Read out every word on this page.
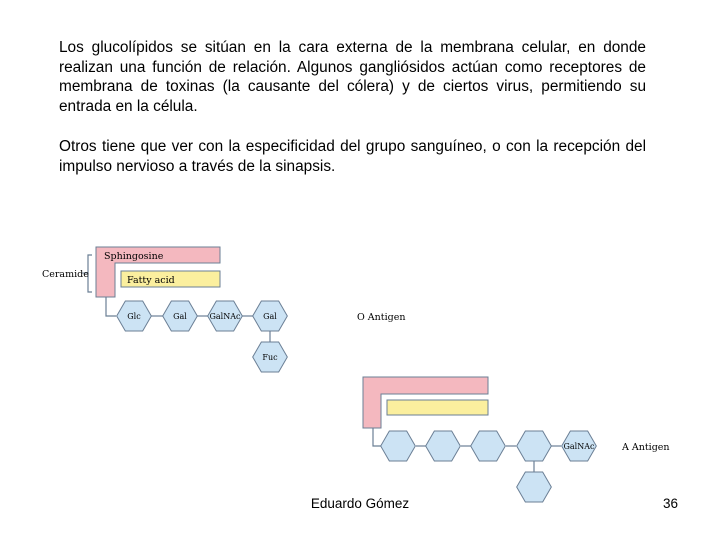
Los glucolípidos se sitúan en la cara externa de la membrana celular, en donde realizan una función de relación. Algunos gangliósidos actúan como receptores de membrana de toxinas (la causante del cólera) y de ciertos virus, permitiendo su entrada en la célula.

Otros tiene que ver con la especificidad del grupo sanguíneo, o con la recepción del impulso nervioso a través de la sinapsis.

Ceramide
Sphingosine
Fatty acid
Glc	Gal	GalNAc	Gal
Fuc
O Antigen
GalNAc	A Antigen
Eduardo Gómez	36
